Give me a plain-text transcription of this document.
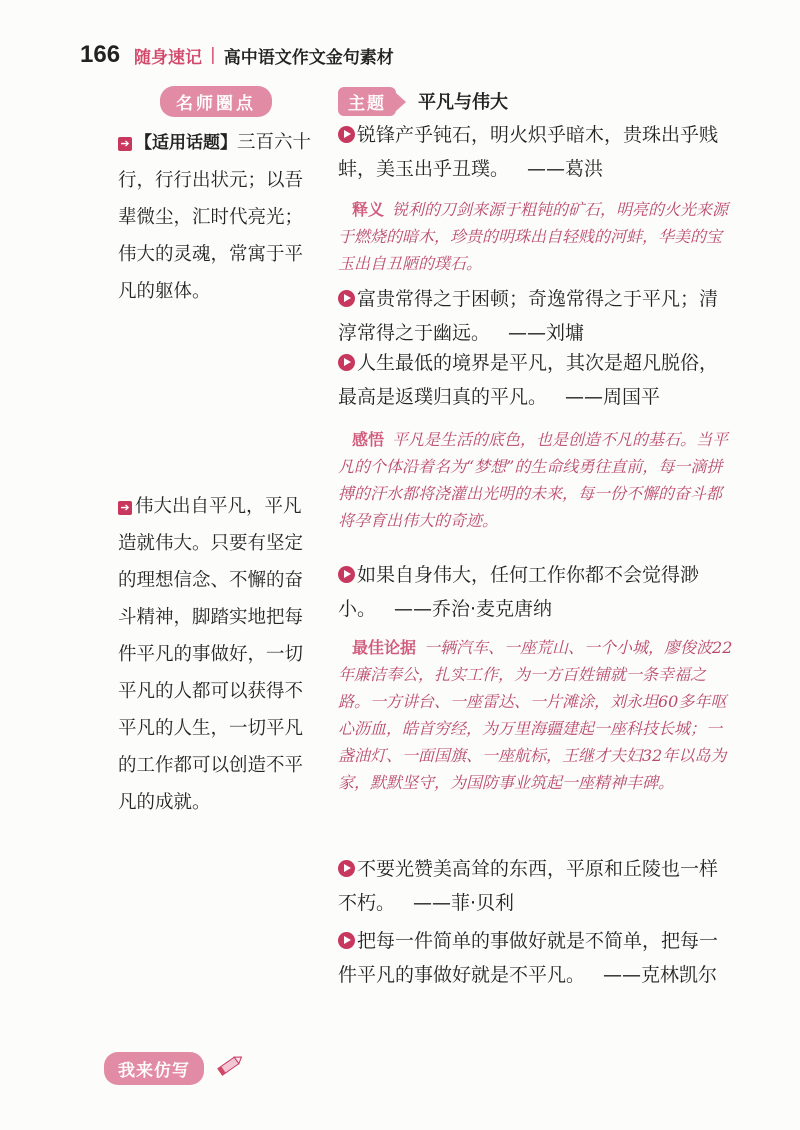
166 随身速记 | 高中语文作文金句素材
名师圈点
➔ 【适用话题】三百六十行，行行出状元；以吾辈微尘，汇时代亮光；伟大的灵魂，常寓于平凡的躯体。
➔ 伟大出自平凡，平凡造就伟大。只要有坚定的理想信念、不懈的奋斗精神，脚踏实地把每件平凡的事做好，一切平凡的人都可以获得不平凡的人生，一切平凡的工作都可以创造不平凡的成就。
主题	平凡与伟大

锐锋产乎钝石，明火炽乎暗木，贵珠出乎贱蚌，美玉出乎丑璞。 ——葛洪

释义 锐利的刀剑来源于粗钝的矿石，明亮的火光来源于燃烧的暗木，珍贵的明珠出自轻贱的河蚌，华美的宝玉出自丑陋的璞石。

富贵常得之于困顿；奇逸常得之于平凡；清淳常得之于幽远。 ——刘墉

人生最低的境界是平凡，其次是超凡脱俗，最高是返璞归真的平凡。 ——周国平

感悟 平凡是生活的底色，也是创造不凡的基石。当平凡的个体沿着名为“梦想”的生命线勇往直前，每一滴拼搏的汗水都将浇灌出光明的未来，每一份不懈的奋斗都将孕育出伟大的奇迹。

如果自身伟大，任何工作你都不会觉得渺小。 ——乔治·麦克唐纳

最佳论据 一辆汽车、一座荒山、一个小城，廖俊波22年廉洁奉公，扎实工作，为一方百姓铺就一条幸福之路。一方讲台、一座雷达、一片滩涂，刘永坦60多年呕心沥血，皓首穷经，为万里海疆建起一座科技长城；一盏油灯、一面国旗、一座航标，王继才夫妇32年以岛为家，默默坚守，为国防事业筑起一座精神丰碑。

不要光赞美高耸的东西，平原和丘陵也一样不朽。 ——菲·贝利

把每一件简单的事做好就是不简单，把每一件平凡的事做好就是不平凡。 ——克林凯尔

我来仿写
